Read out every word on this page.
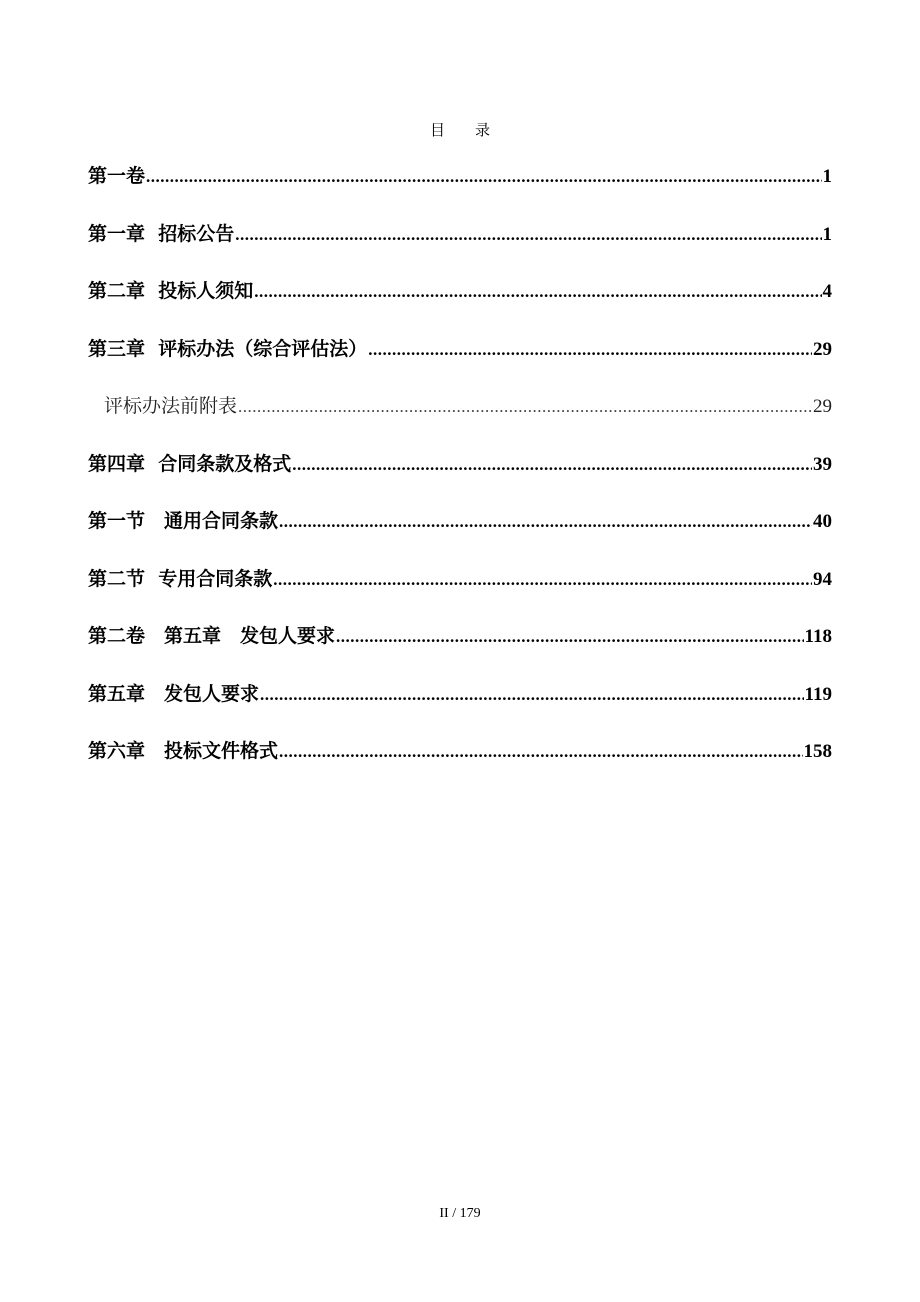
目　　录
第一卷 .....	1
第一章  招标公告 .....	1
第二章  投标人须知 .....	4
第三章  评标办法（综合评估法） .....	29
评标办法前附表 .....	29
第四章  合同条款及格式 .....	39
第一节　通用合同条款 .....	40
第二节  专用合同条款 .....	94
第二卷　第五章　发包人要求 .....	118
第五章　发包人要求 .....	119
第六章　投标文件格式 .....	158
II / 179
